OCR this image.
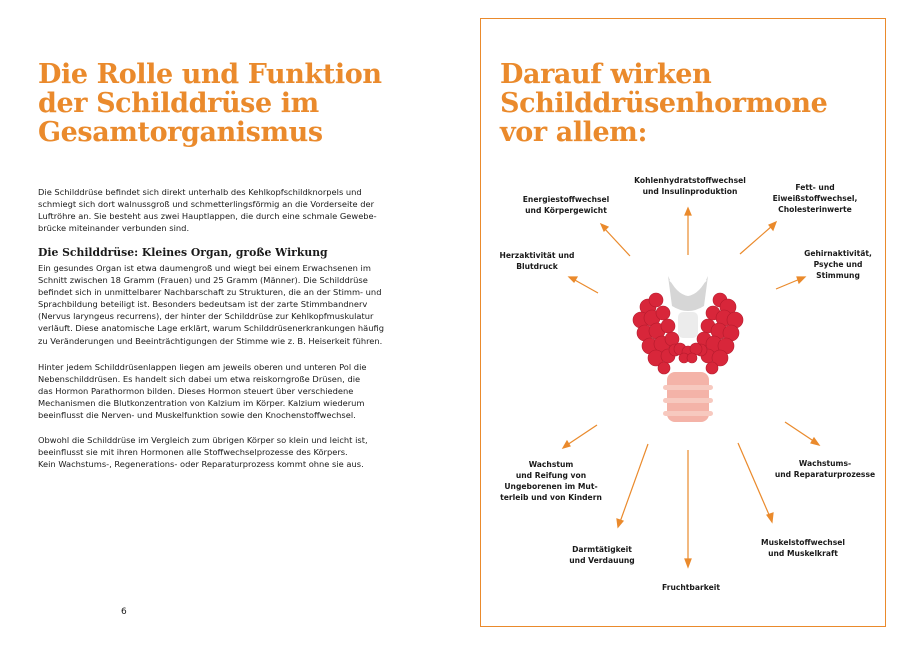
Die Rolle und Funktion
der Schilddrüse im
Gesamtorganismus
Die Schilddrüse befindet sich direkt unterhalb des Kehlkopfschildknorpels und
schmiegt sich dort walnussgroß und schmetterlingsförmig an die Vorderseite der
Luftröhre an. Sie besteht aus zwei Hauptlappen, die durch eine schmale Gewebe-
brücke miteinander verbunden sind.
Die Schilddrüse: Kleines Organ, große Wirkung
Ein gesundes Organ ist etwa daumengroß und wiegt bei einem Erwachsenen im
Schnitt zwischen 18 Gramm (Frauen) und 25 Gramm (Männer). Die Schilddrüse
befindet sich in unmittelbarer Nachbarschaft zu Strukturen, die an der Stimm- und
Sprachbildung beteiligt ist. Besonders bedeutsam ist der zarte Stimmbandnerv
(Nervus laryngeus recurrens), der hinter der Schilddrüse zur Kehlkopfmuskulatur
verläuft. Diese anatomische Lage erklärt, warum Schilddrüsenerkrankungen häufig
zu Veränderungen und Beeinträchtigungen der Stimme wie z. B. Heiserkeit führen.
Hinter jedem Schilddrüsenlappen liegen am jeweils oberen und unteren Pol die
Nebenschilddrüsen. Es handelt sich dabei um etwa reiskorngroße Drüsen, die
das Hormon Parathormon bilden. Dieses Hormon steuert über verschiedene
Mechanismen die Blutkonzentration von Kalzium im Körper. Kalzium wiederum
beeinflusst die Nerven- und Muskelfunktion sowie den Knochenstoffwechsel.
Obwohl die Schilddrüse im Vergleich zum übrigen Körper so klein und leicht ist,
beeinflusst sie mit ihren Hormonen alle Stoffwechselprozesse des Körpers.
Kein Wachstums-, Regenerations- oder Reparaturprozess kommt ohne sie aus.
6
Darauf wirken
Schilddrüsenhormone
vor allem:
Energiestoffwechsel
und Körpergewicht
Kohlenhydratstoffwechsel
und Insulinproduktion	Fett- und
Eiweißstoffwechsel,
Cholesterinwerte
Herzaktivität und
Blutdruck
Gehirnaktivität,
Psyche und
Stimmung
Wachstum
und Reifung von
Ungeborenen im Mut-
terleib und von Kindern
Wachstums-
und Reparaturprozesse
Darmtätigkeit
und Verdauung
Muskelstoffwechsel
und Muskelkraft
Fruchtbarkeit
